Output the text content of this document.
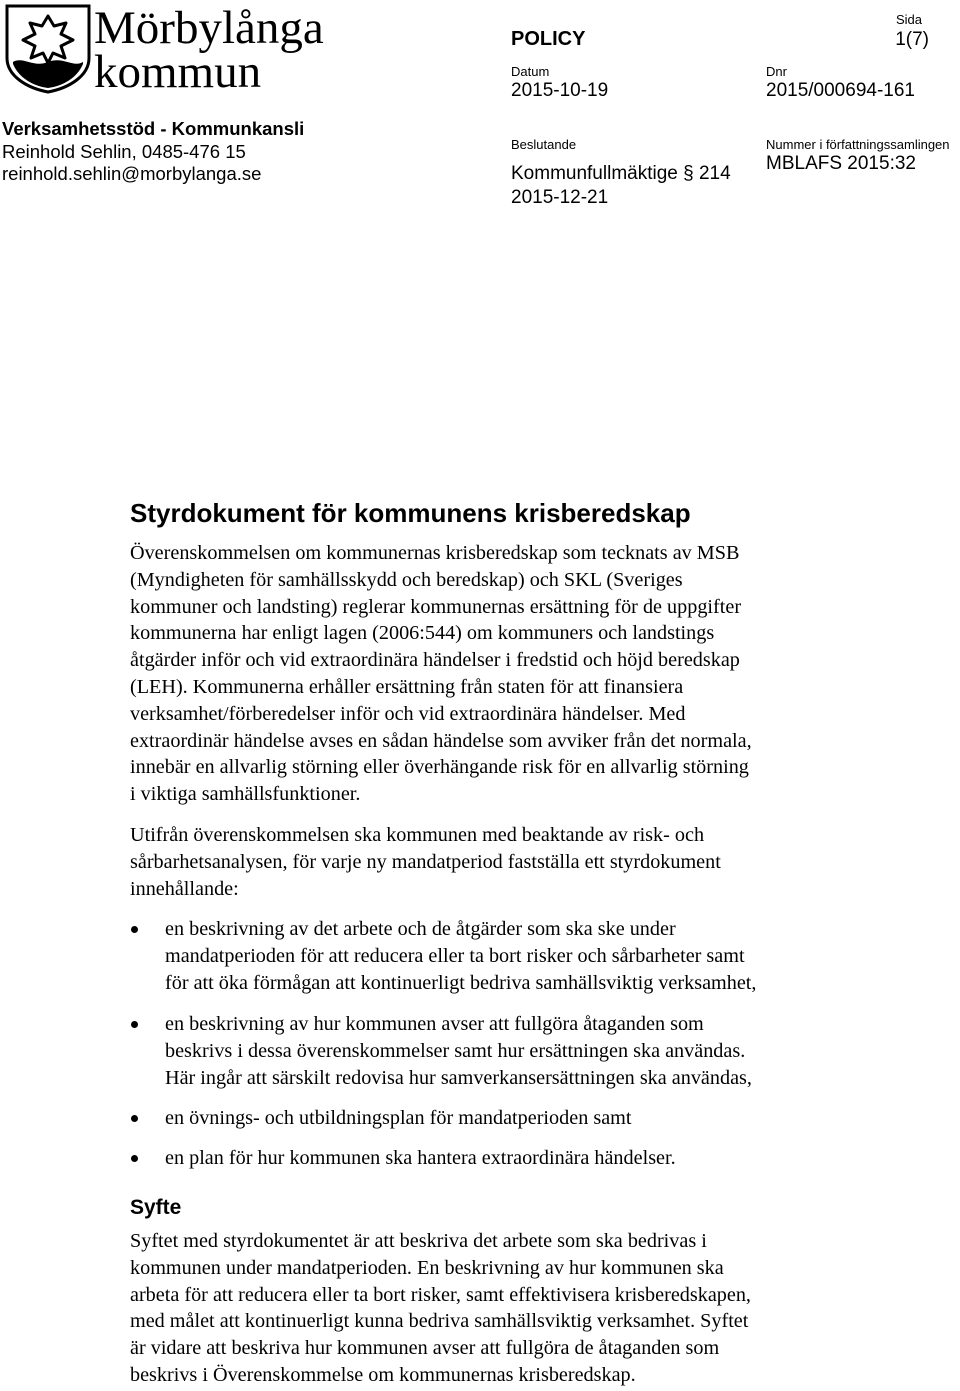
Mörbylånga
kommun
Verksamhetsstöd - Kommunkansli
Reinhold Sehlin, 0485-476 15
reinhold.sehlin@morbylanga.se
POLICY
Datum
2015-10-19
Beslutande
Kommunfullmäktige § 214
2015-12-21
Sida
1(7)
Dnr
2015/000694-161
Nummer i författningssamlingen
MBLAFS 2015:32
Styrdokument för kommunens krisberedskap
Överenskommelsen om kommunernas krisberedskap som tecknats av MSB
(Myndigheten för samhällsskydd och beredskap) och SKL (Sveriges
kommuner och landsting) reglerar kommunernas ersättning för de uppgifter
kommunerna har enligt lagen (2006:544) om kommuners och landstings
åtgärder inför och vid extraordinära händelser i fredstid och höjd beredskap
(LEH). Kommunerna erhåller ersättning från staten för att finansiera
verksamhet/förberedelser inför och vid extraordinära händelser. Med
extraordinär händelse avses en sådan händelse som avviker från det normala,
innebär en allvarlig störning eller överhängande risk för en allvarlig störning
i viktiga samhällsfunktioner.
Utifrån överenskommelsen ska kommunen med beaktande av risk- och
sårbarhetsanalysen, för varje ny mandatperiod fastställa ett styrdokument
innehållande:
en beskrivning av det arbete och de åtgärder som ska ske under
mandatperioden för att reducera eller ta bort risker och sårbarheter samt
för att öka förmågan att kontinuerligt bedriva samhällsviktig verksamhet,
en beskrivning av hur kommunen avser att fullgöra åtaganden som
beskrivs i dessa överenskommelser samt hur ersättningen ska användas.
Här ingår att särskilt redovisa hur samverkansersättningen ska användas,
en övnings- och utbildningsplan för mandatperioden samt
en plan för hur kommunen ska hantera extraordinära händelser.
Syfte
Syftet med styrdokumentet är att beskriva det arbete som ska bedrivas i
kommunen under mandatperioden. En beskrivning av hur kommunen ska
arbeta för att reducera eller ta bort risker, samt effektivisera krisberedskapen,
med målet att kontinuerligt kunna bedriva samhällsviktig verksamhet. Syftet
är vidare att beskriva hur kommunen avser att fullgöra de åtaganden som
beskrivs i Överenskommelse om kommunernas krisberedskap.
